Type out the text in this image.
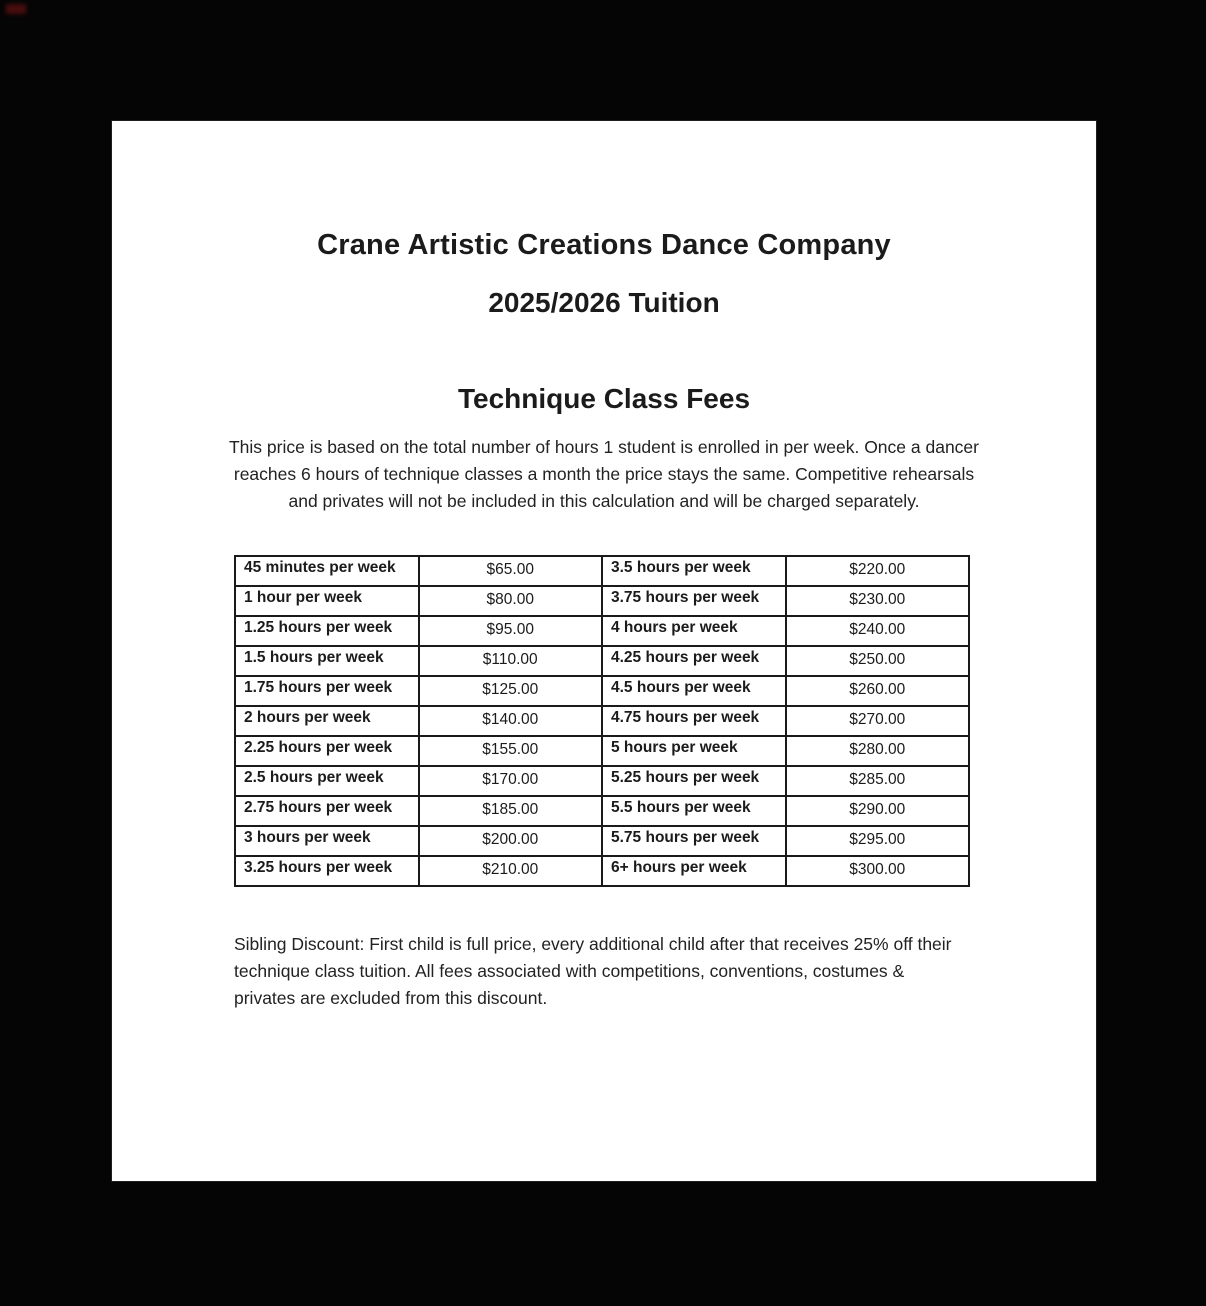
Crane Artistic Creations Dance Company
2025/2026 Tuition
Technique Class Fees

This price is based on the total number of hours 1 student is enrolled in per week. Once a dancer reaches 6 hours of technique classes a month the price stays the same. Competitive rehearsals and privates will not be included in this calculation and will be charged separately.

45 minutes per week	$65.00	3.5 hours per week	$220.00
1 hour per week	$80.00	3.75 hours per week	$230.00
1.25 hours per week	$95.00	4 hours per week	$240.00
1.5 hours per week	$110.00	4.25 hours per week	$250.00
1.75 hours per week	$125.00	4.5 hours per week	$260.00
2 hours per week	$140.00	4.75 hours per week	$270.00
2.25 hours per week	$155.00	5 hours per week	$280.00
2.5 hours per week	$170.00	5.25 hours per week	$285.00
2.75 hours per week	$185.00	5.5 hours per week	$290.00
3 hours per week	$200.00	5.75 hours per week	$295.00
3.25 hours per week	$210.00	6+ hours per week	$300.00

Sibling Discount: First child is full price, every additional child after that receives 25% off their technique class tuition. All fees associated with competitions, conventions, costumes & privates are excluded from this discount.
